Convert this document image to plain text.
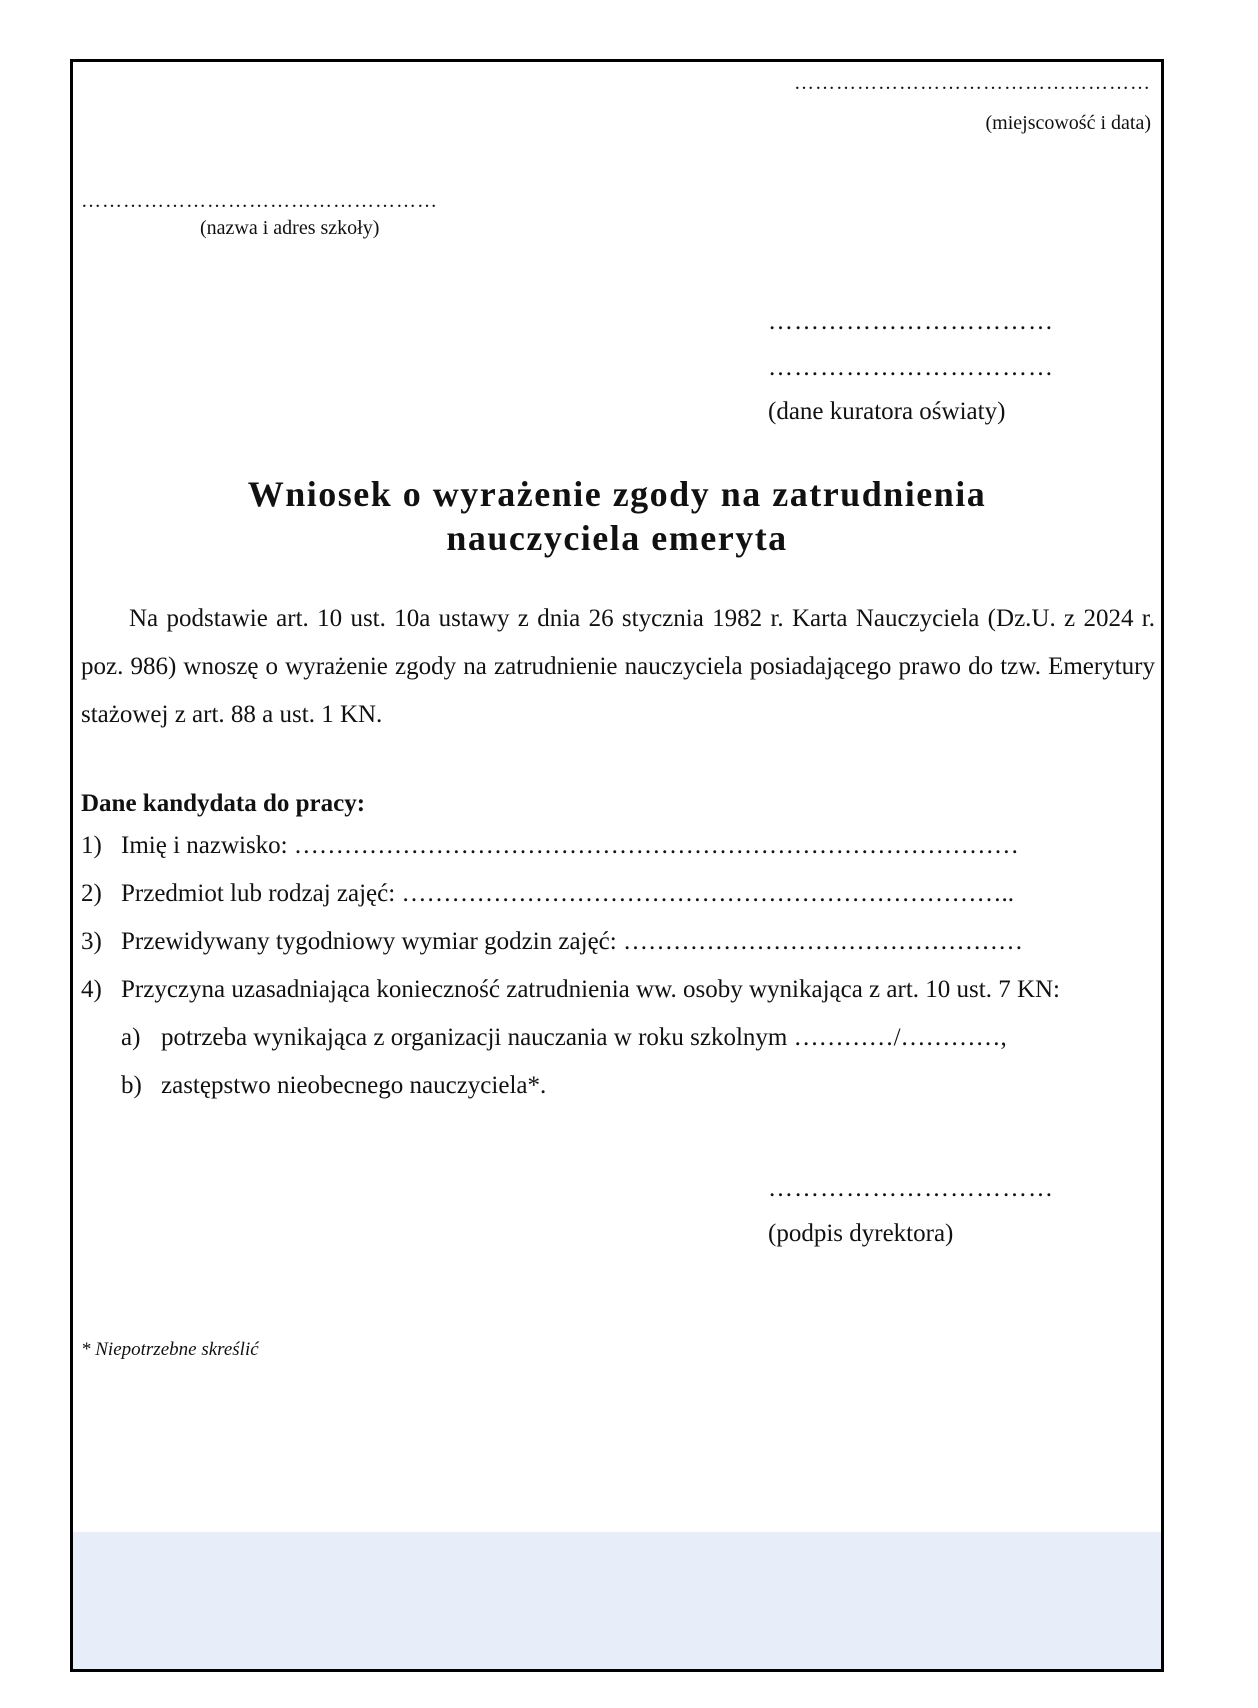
……………………………………………
(miejscowość i data)
……………………………………………
(nazwa i adres szkoły)
……………………………
……………………………
(dane kuratora oświaty)
Wniosek o wyrażenie zgody na zatrudnienia
nauczyciela emeryta
Na podstawie art. 10 ust. 10a ustawy z dnia 26 stycznia 1982 r. Karta Nauczyciela (Dz.U. z 2024 r. poz. 986) wnoszę o wyrażenie zgody na zatrudnienie nauczyciela posiadającego prawo do tzw. Emerytury stażowej z art. 88 a ust. 1 KN.
Dane kandydata do pracy:
1) Imię i nazwisko: ……………………………………………………………………………
2) Przedmiot lub rodzaj zajęć: ………………………………………………………………..
3) Przewidywany tygodniowy wymiar godzin zajęć: …………………………………………
4) Przyczyna uzasadniająca konieczność zatrudnienia ww. osoby wynikająca z art. 10 ust. 7 KN:
a) potrzeba wynikająca z organizacji nauczania w roku szkolnym …………/…………,
b) zastępstwo nieobecnego nauczyciela*.
……………………………
(podpis dyrektora)
* Niepotrzebne skreślić
